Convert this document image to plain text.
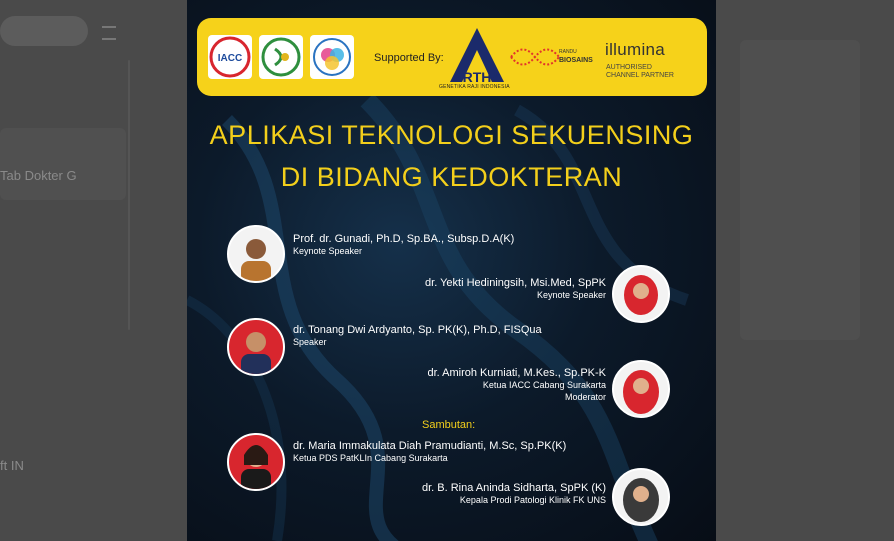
Tab Dokter G
ft IN
IACC	Supported By:
ARTHA
GENETIKA RAJI INDONESIA
RANDU
BIOSAINS
illumina
AUTHORISED
CHANNEL PARTNER
APLIKASI TEKNOLOGI SEKUENSING
DI BIDANG KEDOKTERAN
Prof. dr. Gunadi, Ph.D, Sp.BA., Subsp.D.A(K)
Keynote Speaker
dr. Yekti Hediningsih, Msi.Med, SpPK
Keynote Speaker
dr. Tonang Dwi Ardyanto, Sp. PK(K), Ph.D, FISQua
Speaker
dr. Amiroh Kurniati, M.Kes., Sp.PK-K
Ketua IACC Cabang Surakarta
Moderator
Sambutan:
dr. Maria Immakulata Diah Pramudianti, M.Sc, Sp.PK(K)
Ketua PDS PatKLIn Cabang Surakarta
dr. B. Rina Aninda Sidharta, SpPK (K)
Kepala Prodi Patologi Klinik FK UNS
